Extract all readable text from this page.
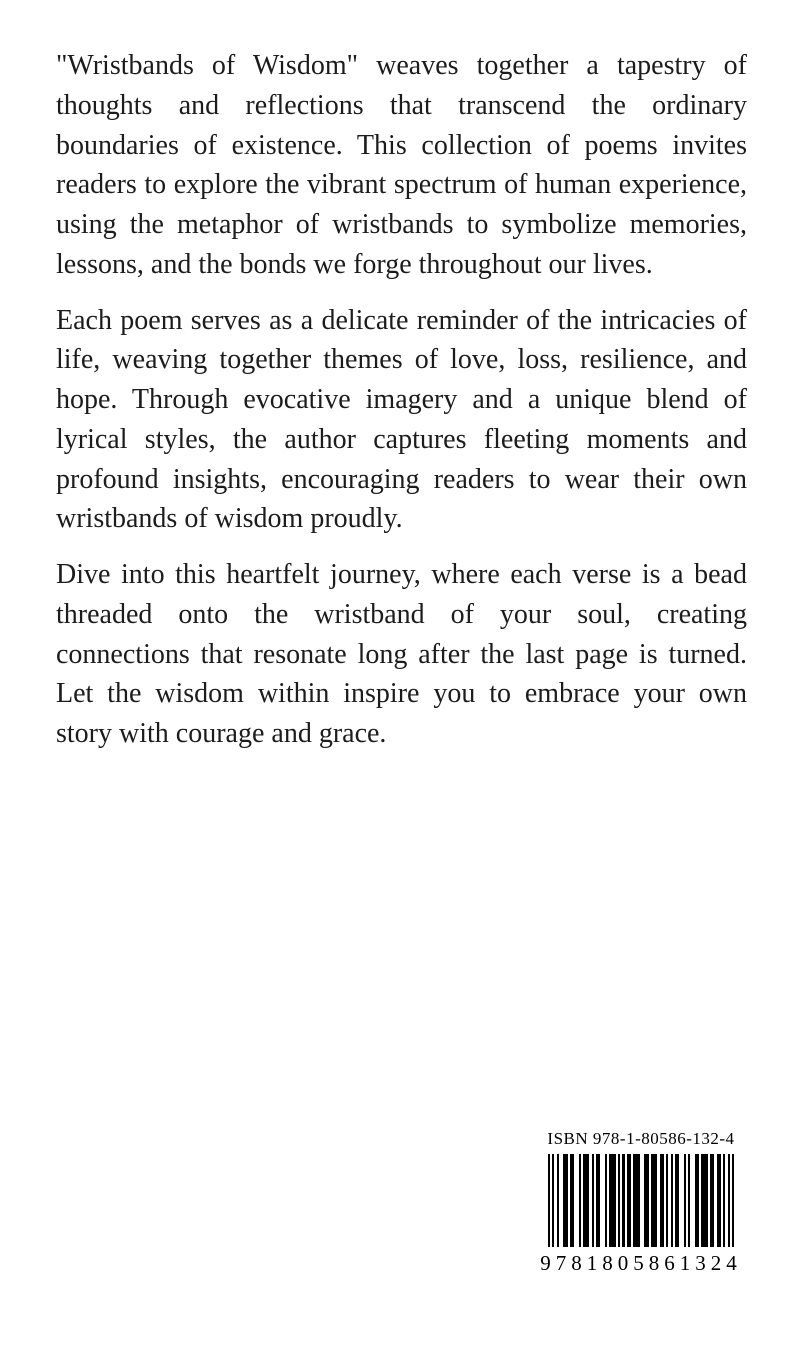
"Wristbands of Wisdom" weaves together a tapestry of thoughts and reflections that transcend the ordinary boundaries of existence. This collection of poems invites readers to explore the vibrant spectrum of human experience, using the metaphor of wristbands to symbolize memories, lessons, and the bonds we forge throughout our lives.

Each poem serves as a delicate reminder of the intricacies of life, weaving together themes of love, loss, resilience, and hope. Through evocative imagery and a unique blend of lyrical styles, the author captures fleeting moments and profound insights, encouraging readers to wear their own wristbands of wisdom proudly.

Dive into this heartfelt journey, where each verse is a bead threaded onto the wristband of your soul, creating connections that resonate long after the last page is turned. Let the wisdom within inspire you to embrace your own story with courage and grace.

ISBN 978-1-80586-132-4
9781805861324
